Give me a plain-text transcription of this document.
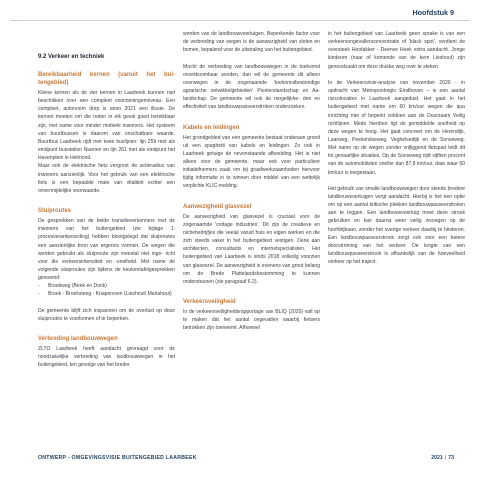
Hoofdstuk 9
9.2 Verkeer en techniek
Bereikbaarheid kernen (vanuit het bui- tengebied)

Kleine kernen als de vier kernen in Laarbeek kunnen niet beschikken over een compleet voorzieningenniveau. Een compleet, autonoom dorp is anno 2021 een illusie. De kernen moeten om die reden in elk geval goed bereikbaar zijn, met name voor minder mobiele inwoners. Het systeem van buurtbussen is daarom van onschatbare waarde. Buurtbus Laarbeek rijdt met twee buslijnen: lijn 259 met als eindpunt busstation Nuenen en lijn 261 met als eindpunt het Havenplein in Helmond.

Maar ook de elektrische fiets vergroot de actieradius van inwoners aanzienlijk. Voor het gebruik van een elektrische fiets is een bepaalde mate van vitaliteit echter een onvermijdelijke voorwaarde.

Sluiproutes

De gesprekken van de beide transitieverkenners met de inwoners van het buitengebied (zie bijlage 1: procesverantwoording) hebben blootgelegd dat sluiproutes een aanzienlijke bron van ergernis vormen. De wegen die worden gebruikt als sluiproute zijn meestal niet inge- richt voor die verkeersintensiteit en -snelheid. Met name de volgende sluiproutes zijn tijdens de keukentafelgesprekken genoemd:

- Broekweg (Beek en Donk)
- Broek - Broeksteeg - Knapersven (Lieshout/ Mariahout)

De gemeente blijft zich inspannen om de overlast op deze sluiproutes te voorkomen of te beperken.

Verbreding landbouwwegen

ZLTO Laarbeek heeft aandacht gevraagd voor de noodzakelijke verbreding van landbouwwegen in het buitengebied, ten gevolge van het breder

worden van de landbouwvoertuigen. Beperkende factor voor de verbreding van wegen is de aanwezigheid van sloten en bomen, bepalend voor de uitstraling van het buitengebied.

Mocht de verbreding van landbouwwegen in de toekomst onontkoombaar worden, dan wil de gemeente dit alleen overwegen in de zogenaamde 'toekomstbestendige agrarische ontwikkelgebieden' Pionierslandschap en Aa- landschap. De gemeente wil ook de mogelijkhe- den en effectiviteit van landbouwpasseerstroken onderzoeken.

Kabels en leidingen

Het grondgebied van een gemeente bestaat onderaan grond uit een spaghetti van kabels en leidingen. Zo ook in Laarbeek getuige de nevenstaande afbeelding. Het is niet alleen voor de gemeente, maar ook voor particuliere initiatiefnemers zaak om bij graafwerkzaamheden hiervoor tijdig informatie in te winnen door middel van een wettelijk verplichte KLIC-melding.

Aanwezigheid glasvezel

De aanwezigheid van glasvezel is cruciaal voor de zogenaamde 'cottage industries'. Dit zijn de creatieve en nichebedrijfjes die veelal vanuit huis en eigen werken en die zich steeds vaker in het buitengebied vestigen. Denk aan architecten, consultants en internetspecialisten. Het buitengebied van Laarbeek is sinds 2018 volledig voorzien van glasvezel. De aanwezigheid is evenens van groot belang om de Brede Plattelandsbestemming te kunnen ondersteunen (zie paragraaf 6.2).

Verkeersveiligheid

In de verkeersveiligheidsrapportage van BLIQ (2020) valt op te maken dat het aantal ongevallen waarbij fietsers betrokken zijn toeneemt. Afhoewel

in het buitengebied van Laarbeek geen sprake is van een verkeersongevallenconcentratie of 'black spot', verdient de oversteek Hoofakker - Deense Hoek extra aandacht. Jonge kinderen (naar of komende van de kern Lieshout) zijn genoodzaakt om deze drukke weg over te steken.

In de Verkeersvisie-analyse van november 2020 - in opdracht van Metropoolregio Eindhoven – is een aantal risicolocaties in Laarbeek aangeduid. Het gaat in het buitengebied met name om 60 km/uur wegen die qua inrichting niet of beperkt voldoen aan de Duurzaam Veilig richtlijnen. Mede hierdoor ligt de gemiddelde snelheid op deze wegen te hoog. Het gaat concreet om de Herendijk, Laarweg, Peeleindseweg, Veghelsedijk en de Sonseweg. Met name op de wegen zonder vrijliggend fietspad leidt dit tot gevaarlijke situaties. Op de Sonseweg rijdt vijftien procent van de automobilisten sneller dan 87,8 km/uur, daar waar 60 km/uur is toegestaan.

Het gebruik van smalle landbouwwegen door steeds bredere landbouwvoertuigen vergt aandacht. Hierbij is het een optie om op een aantal kritische plekken landbouwpasseerstroken aan te leggen. Een landbouwvoertuig moet deze strook gebruiken en kan daarna weer veilig invoegen op de hoofdrijbaan, zonder het overige verkeer daarbij te hinderen. Een landbouwpasseerstrook zorgt ook voor een betere doorstroming van het verkeer. De lengte van een landbouwpasseerstrook is afhankelijk van de hoeveelheid verkeer op het traject.

ONTWERP - OMGEVINGSVISIE BUITENGEBIED LAARBEEK	2021 | 73
